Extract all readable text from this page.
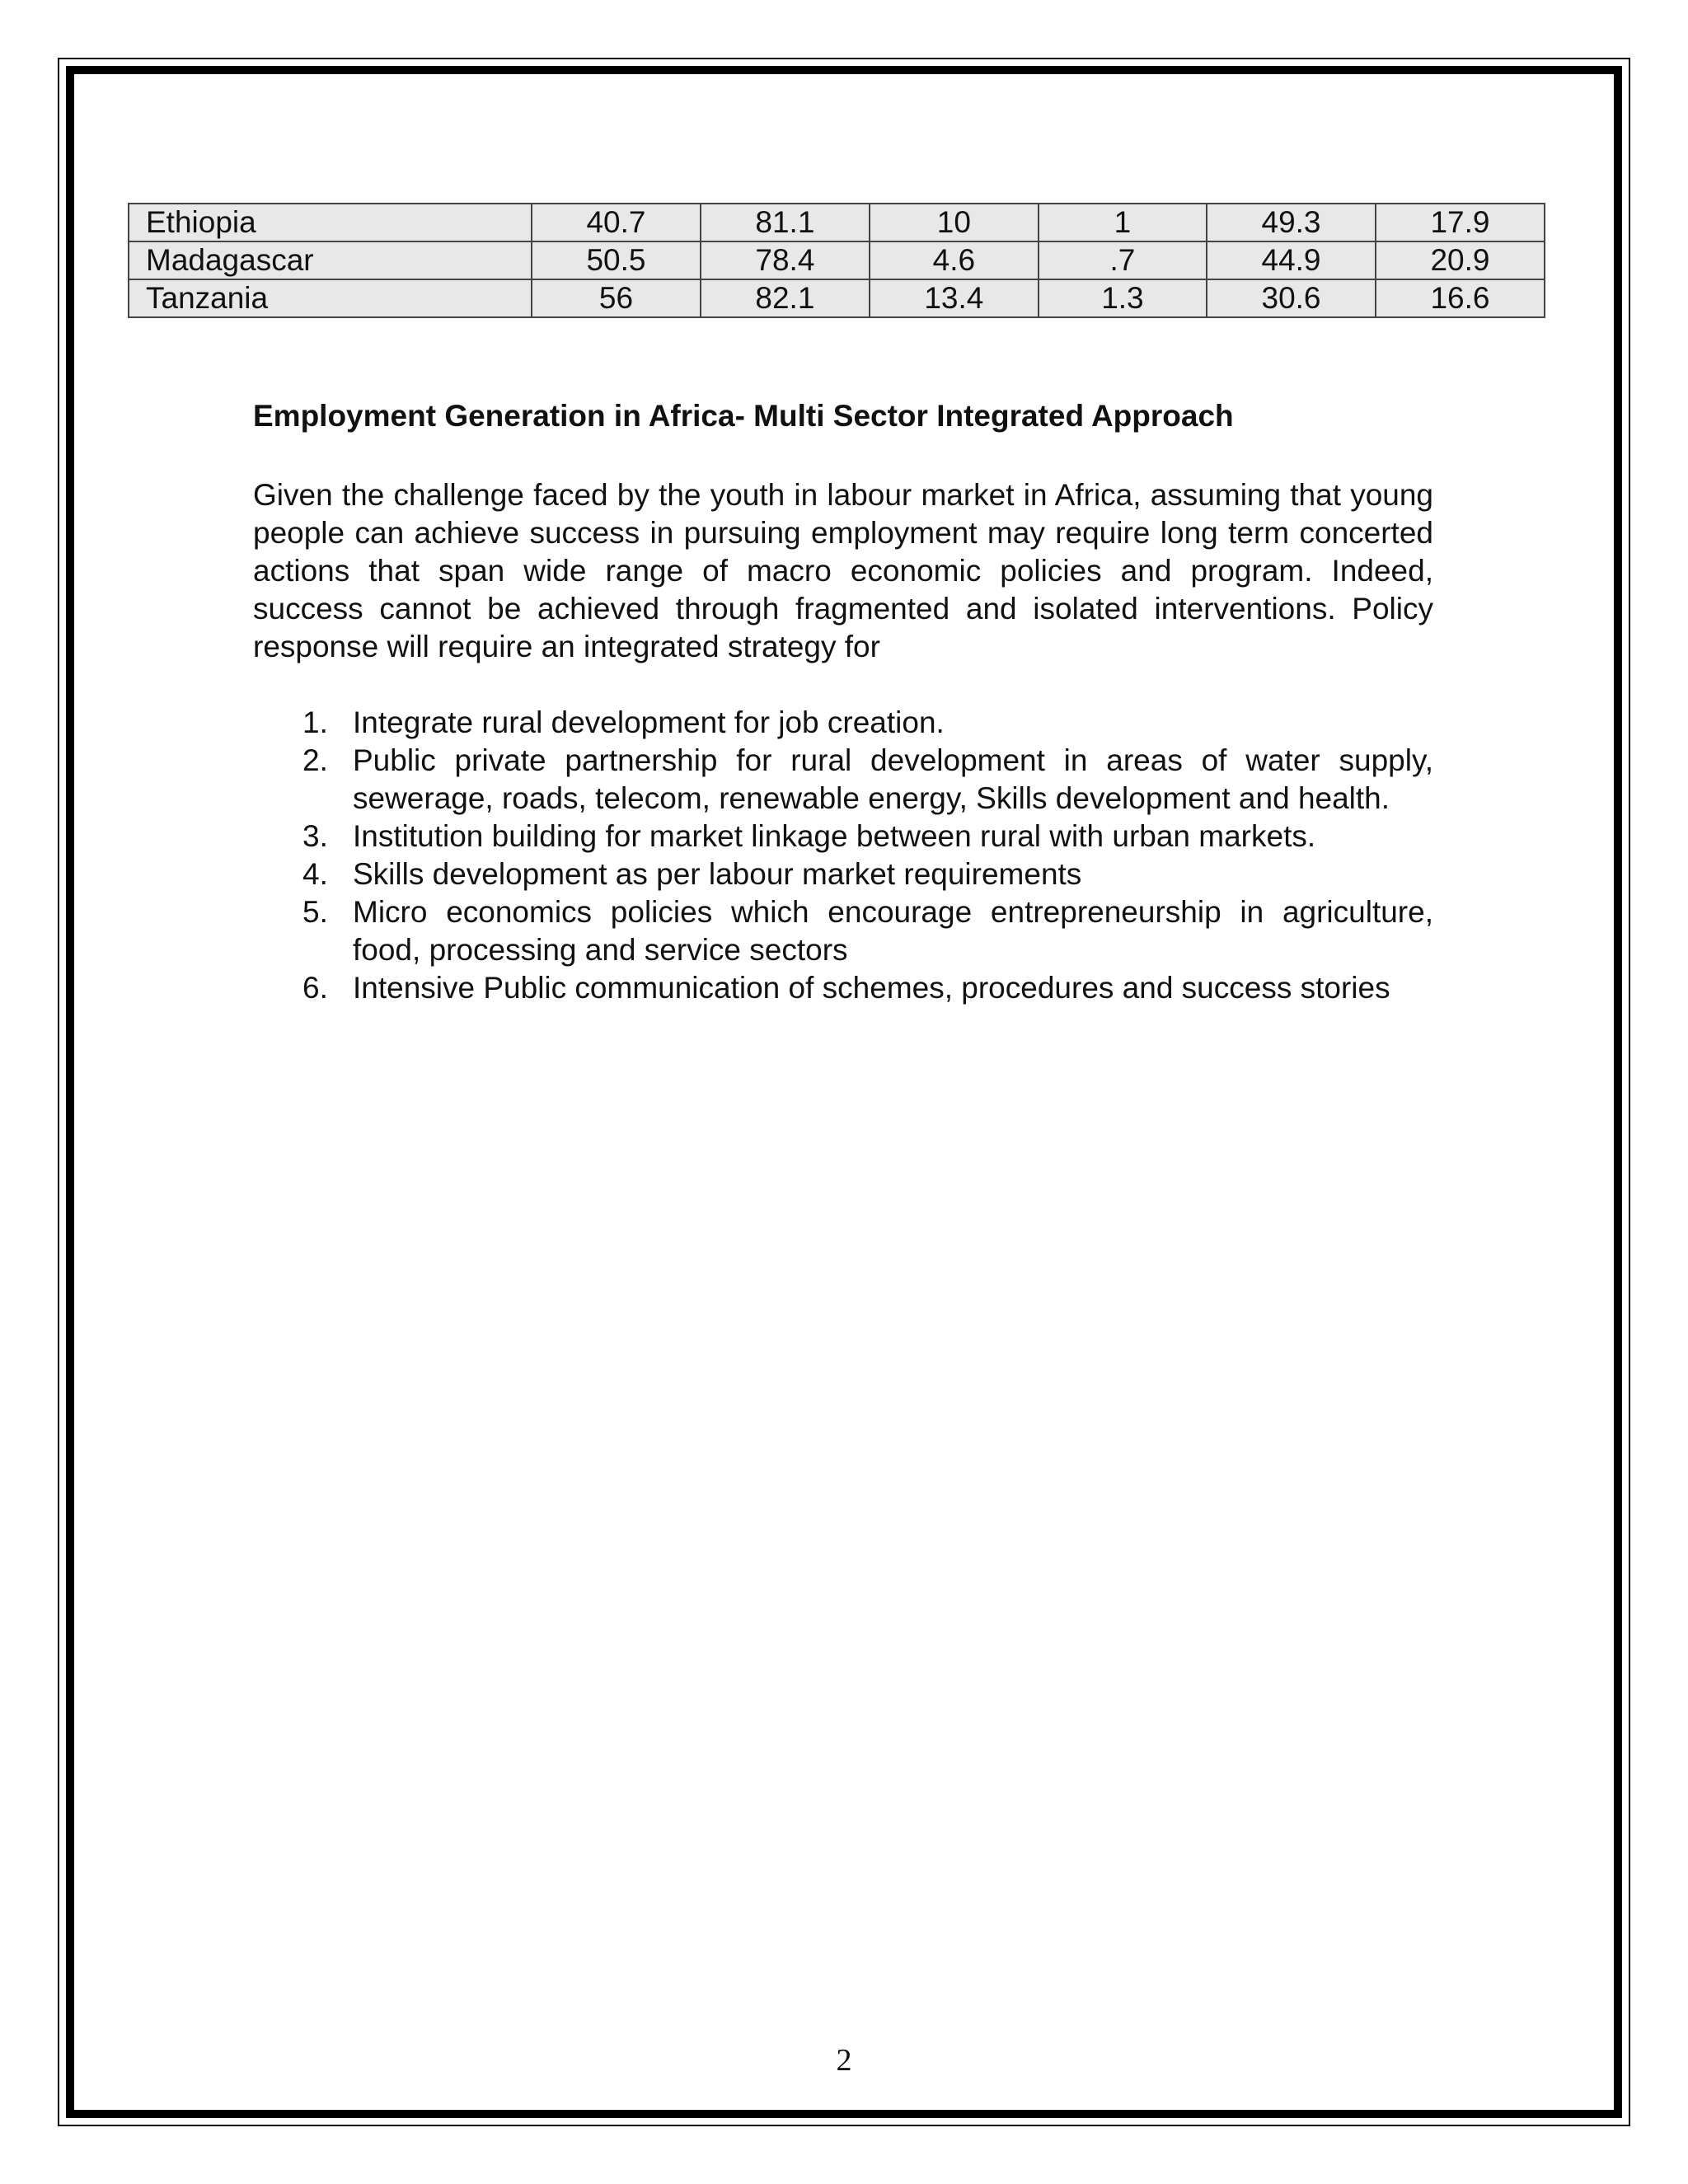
Ethiopia	40.7	81.1	10	1	49.3	17.9
Madagascar	50.5	78.4	4.6	.7	44.9	20.9
Tanzania	56	82.1	13.4	1.3	30.6	16.6
Employment Generation in Africa- Multi Sector Integrated Approach

Given the challenge faced by the youth in labour market in Africa, assuming that young people can achieve success in pursuing employment may require long term concerted actions that span wide range of macro economic policies and program. Indeed, success cannot be achieved through fragmented and isolated interventions. Policy response will require an integrated strategy for

1. Integrate rural development for job creation.
2. Public private partnership for rural development in areas of water supply, sewerage, roads, telecom, renewable energy, Skills development and health.
3. Institution building for market linkage between rural with urban markets.
4. Skills development as per labour market requirements
5. Micro economics policies which encourage entrepreneurship in agriculture, food, processing and service sectors
6. Intensive Public communication of schemes, procedures and success stories
2
